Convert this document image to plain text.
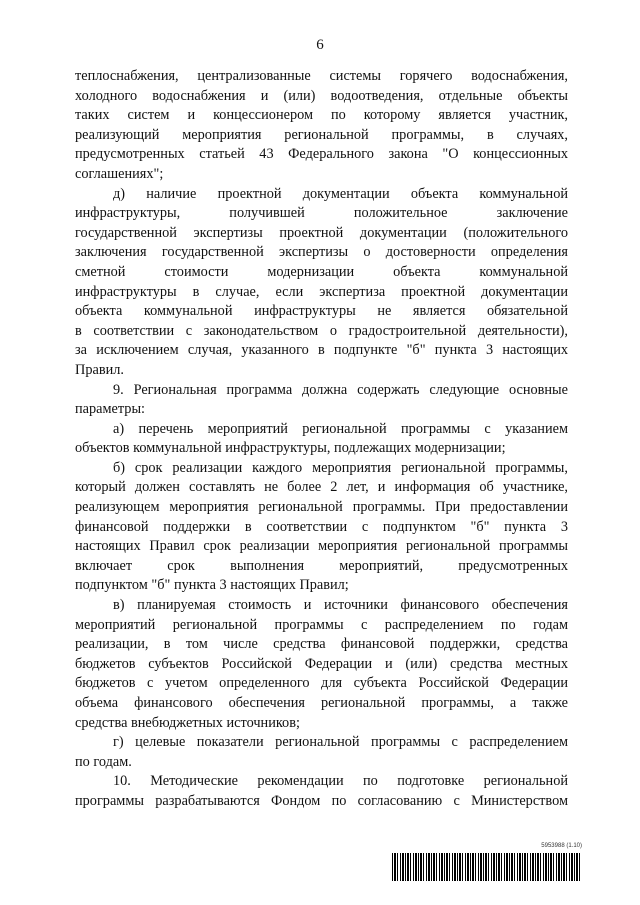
6
теплоснабжения, централизованные системы горячего водоснабжения,
холодного водоснабжения и (или) водоотведения, отдельные объекты
таких систем и концессионером по которому является участник,
реализующий мероприятия региональной программы, в случаях,
предусмотренных статьей 43 Федерального закона "О концессионных
соглашениях";
д) наличие проектной документации объекта коммунальной
инфраструктуры, получившей положительное заключение
государственной экспертизы проектной документации (положительного
заключения государственной экспертизы о достоверности определения
сметной стоимости модернизации объекта коммунальной
инфраструктуры в случае, если экспертиза проектной документации
объекта коммунальной инфраструктуры не является обязательной
в соответствии с законодательством о градостроительной деятельности),
за исключением случая, указанного в подпункте "б" пункта 3 настоящих
Правил.
9. Региональная программа должна содержать следующие основные
параметры:
а) перечень мероприятий региональной программы с указанием
объектов коммунальной инфраструктуры, подлежащих модернизации;
б) срок реализации каждого мероприятия региональной программы,
который должен составлять не более 2 лет, и информация об участнике,
реализующем мероприятия региональной программы. При предоставлении
финансовой поддержки в соответствии с подпунктом "б" пункта 3
настоящих Правил срок реализации мероприятия региональной программы
включает срок выполнения мероприятий, предусмотренных
подпунктом "б" пункта 3 настоящих Правил;
в) планируемая стоимость и источники финансового обеспечения
мероприятий региональной программы с распределением по годам
реализации, в том числе средства финансовой поддержки, средства
бюджетов субъектов Российской Федерации и (или) средства местных
бюджетов с учетом определенного для субъекта Российской Федерации
объема финансового обеспечения региональной программы, а также
средства внебюджетных источников;
г) целевые показатели региональной программы с распределением
по годам.
10. Методические рекомендации по подготовке региональной
программы разрабатываются Фондом по согласованию с Министерством
5953988 (1.10)
